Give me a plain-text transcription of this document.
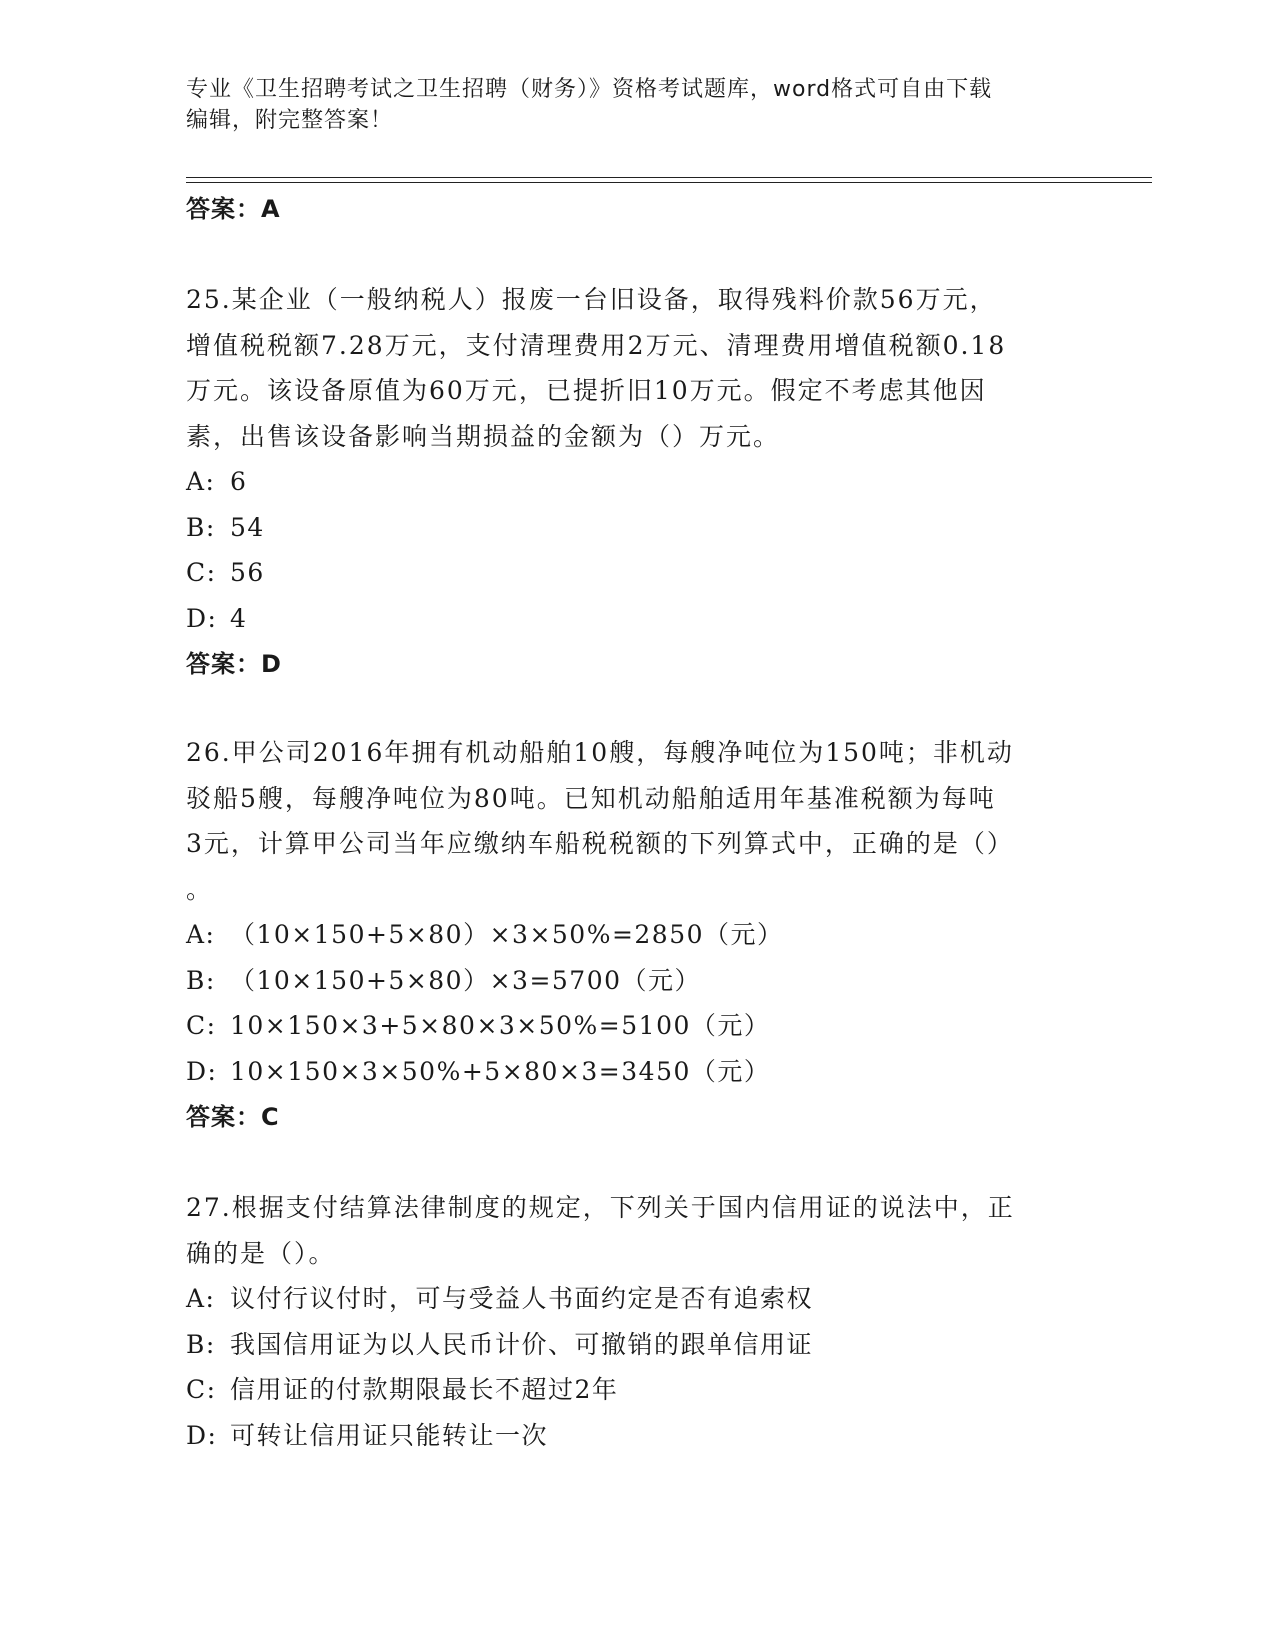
专业《卫生招聘考试之卫生招聘（财务）》资格考试题库，word格式可自由下载
编辑，附完整答案！
答案：A
25.某企业（一般纳税人）报废一台旧设备，取得残料价款56万元，
增值税税额7.28万元，支付清理费用2万元、清理费用增值税额0.18
万元。该设备原值为60万元，已提折旧10万元。假定不考虑其他因
素，出售该设备影响当期损益的金额为（）万元。
A: 6
B: 54
C: 56
D: 4
答案：D
26.甲公司2016年拥有机动船舶10艘，每艘净吨位为150吨；非机动
驳船5艘，每艘净吨位为80吨。已知机动船舶适用年基准税额为每吨
3元，计算甲公司当年应缴纳车船税税额的下列算式中，正确的是（）
。
A: （10×150+5×80）×3×50%=2850（元）
B: （10×150+5×80）×3=5700（元）
C: 10×150×3+5×80×3×50%=5100（元）
D: 10×150×3×50%+5×80×3=3450（元）
答案：C
27.根据支付结算法律制度的规定，下列关于国内信用证的说法中，正
确的是（）。
A: 议付行议付时，可与受益人书面约定是否有追索权
B: 我国信用证为以人民币计价、可撤销的跟单信用证
C: 信用证的付款期限最长不超过2年
D: 可转让信用证只能转让一次
